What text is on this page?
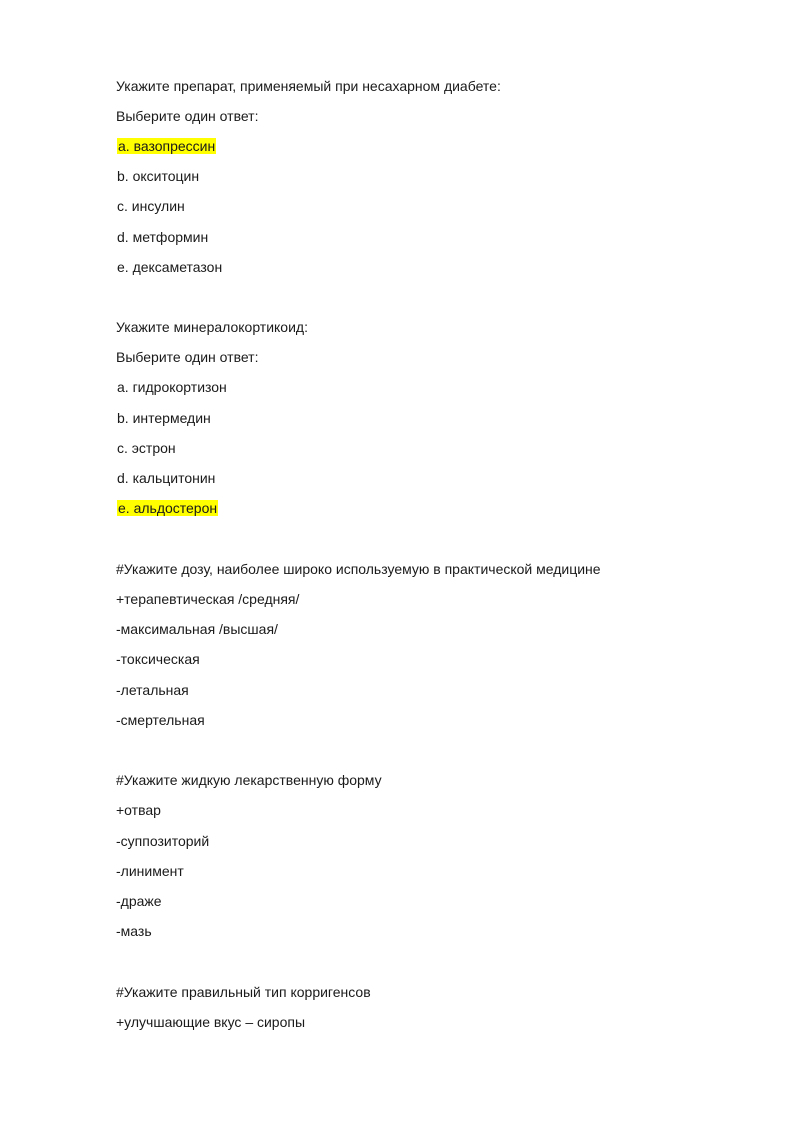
Укажите препарат, применяемый при несахарном диабете:
Выберите один ответ:
a. вазопрессин
b. окситоцин
c. инсулин
d. метформин
e. дексаметазон
Укажите минералокортикоид:
Выберите один ответ:
a. гидрокортизон
b. интермедин
c. эстрон
d. кальцитонин
e. альдостерон
#Укажите дозу, наиболее широко используемую в практической медицине
+терапевтическая /средняя/
-максимальная /высшая/
-токсическая
-летальная
-смертельная
#Укажите жидкую лекарственную форму
+отвар
-суппозиторий
-линимент
-драже
-мазь
#Укажите правильный тип корригенсов
+улучшающие вкус – сиропы
